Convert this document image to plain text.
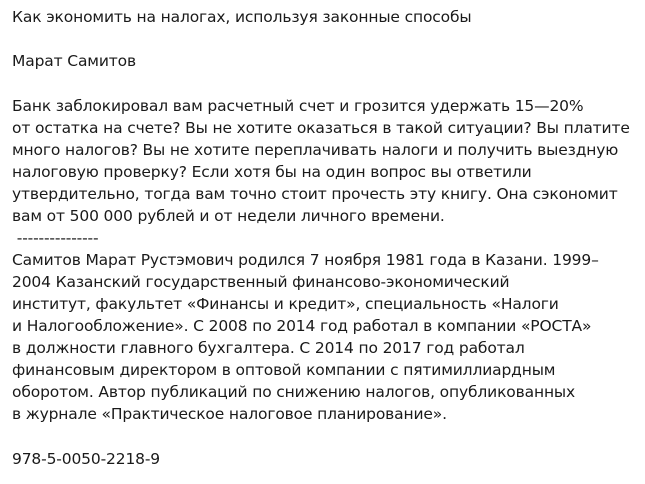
Как экономить на налогах, используя законные способы
Марат Самитов
Банк заблокировал вам расчетный счет и грозится удержать 15—20%
от остатка на счете? Вы не хотите оказаться в такой ситуации? Вы платите
много налогов? Вы не хотите переплачивать налоги и получить выездную
налоговую проверку? Если хотя бы на один вопрос вы ответили
утвердительно, тогда вам точно стоит прочесть эту книгу. Она сэкономит
вам от 500 000 рублей и от недели личного времени.
---------------
Самитов Марат Рустэмович родился 7 ноября 1981 года в Казани. 1999–
2004 Казанский государственный финансово-экономический
институт, факультет «Финансы и кредит», специальность «Налоги
и Налогообложение». С 2008 по 2014 год работал в компании «РОСТА»
в должности главного бухгалтера. С 2014 по 2017 год работал
финансовым директором в оптовой компании с пятимиллиардным
оборотом. Автор публикаций по снижению налогов, опубликованных
в журнале «Практическое налоговое планирование».
978-5-0050-2218-9
